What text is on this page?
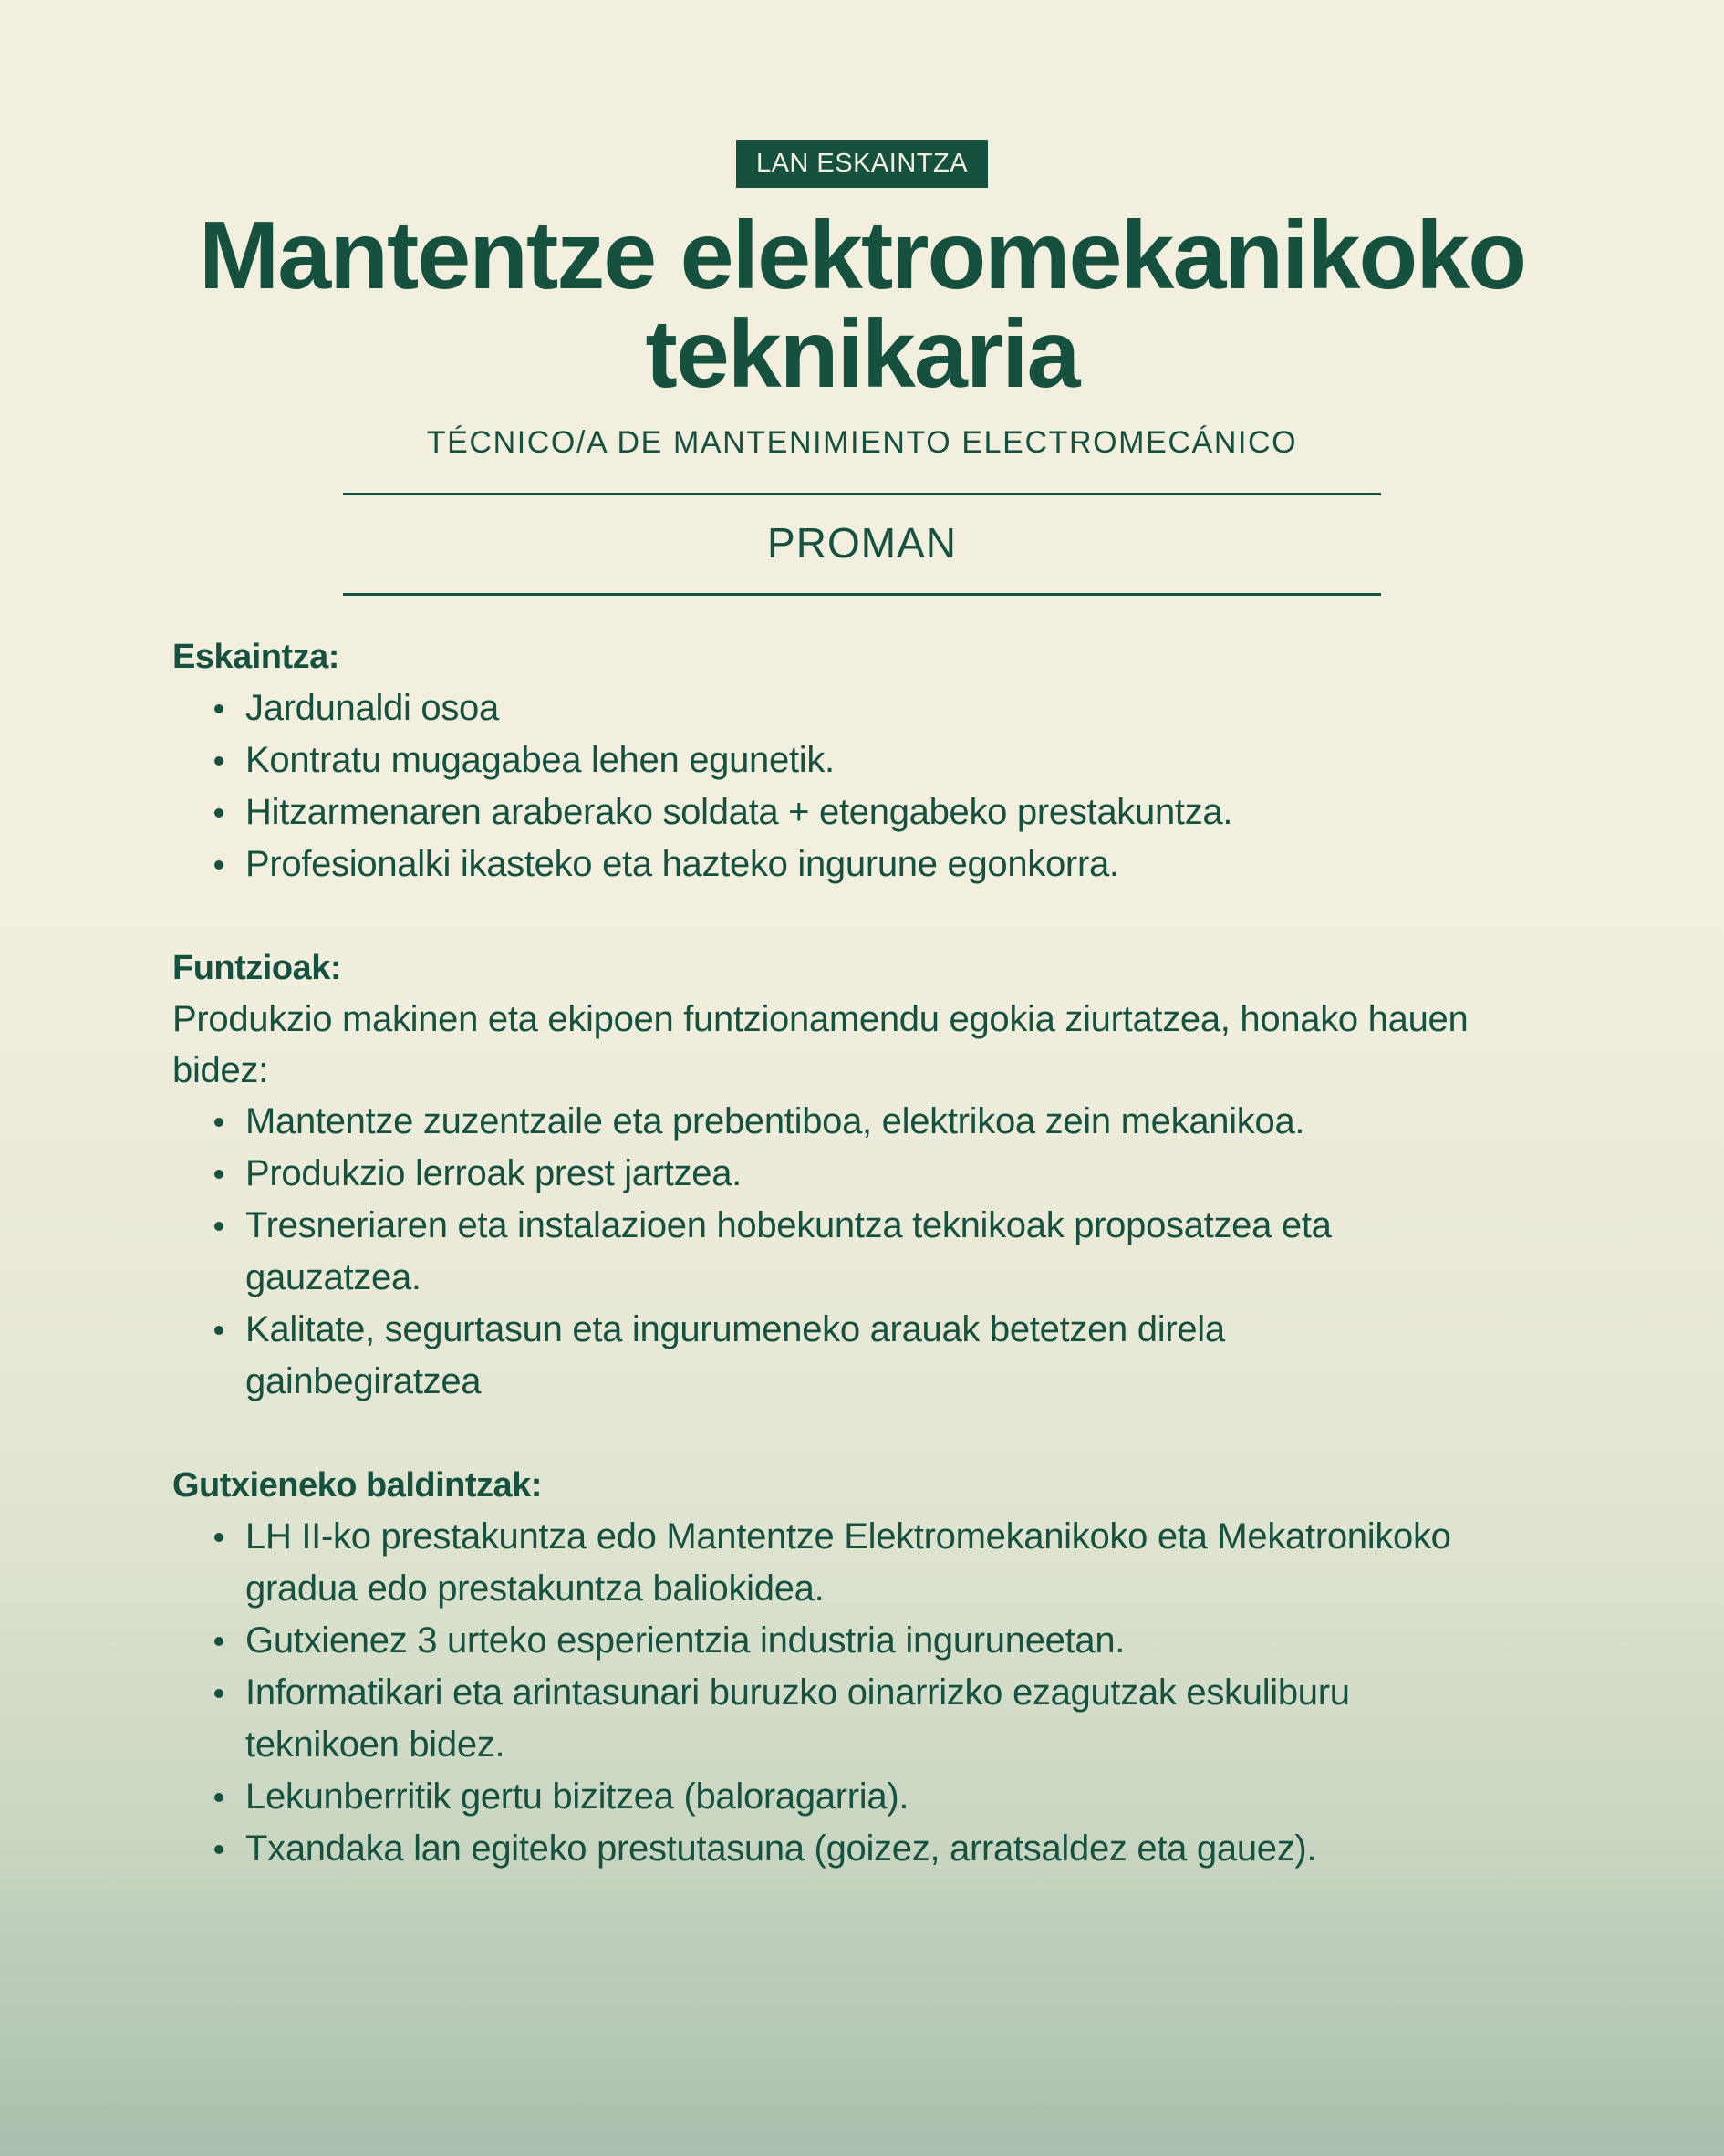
LAN ESKAINTZA
Mantentze elektromekanikoko
teknikaria
TÉCNICO/A DE MANTENIMIENTO ELECTROMECÁNICO
PROMAN
Eskaintza:
Jardunaldi osoa
Kontratu mugagabea lehen egunetik.
Hitzarmenaren araberako soldata + etengabeko prestakuntza.
Profesionalki ikasteko eta hazteko ingurune egonkorra.
Funtzioak:

Produkzio makinen eta ekipoen funtzionamendu egokia ziurtatzea, honako hauen bidez:

Mantentze zuzentzaile eta prebentiboa, elektrikoa zein mekanikoa.
Produkzio lerroak prest jartzea.
Tresneriaren eta instalazioen hobekuntza teknikoak proposatzea eta gauzatzea.
Kalitate, segurtasun eta ingurumeneko arauak betetzen direla gainbegiratzea
Gutxieneko baldintzak:
LH II-ko prestakuntza edo Mantentze Elektromekanikoko eta Mekatronikoko gradua edo prestakuntza baliokidea.
Gutxienez 3 urteko esperientzia industria inguruneetan.
Informatikari eta arintasunari buruzko oinarrizko ezagutzak eskuliburu teknikoen bidez.
Lekunberritik gertu bizitzea (baloragarria).
Txandaka lan egiteko prestutasuna (goizez, arratsaldez eta gauez).
